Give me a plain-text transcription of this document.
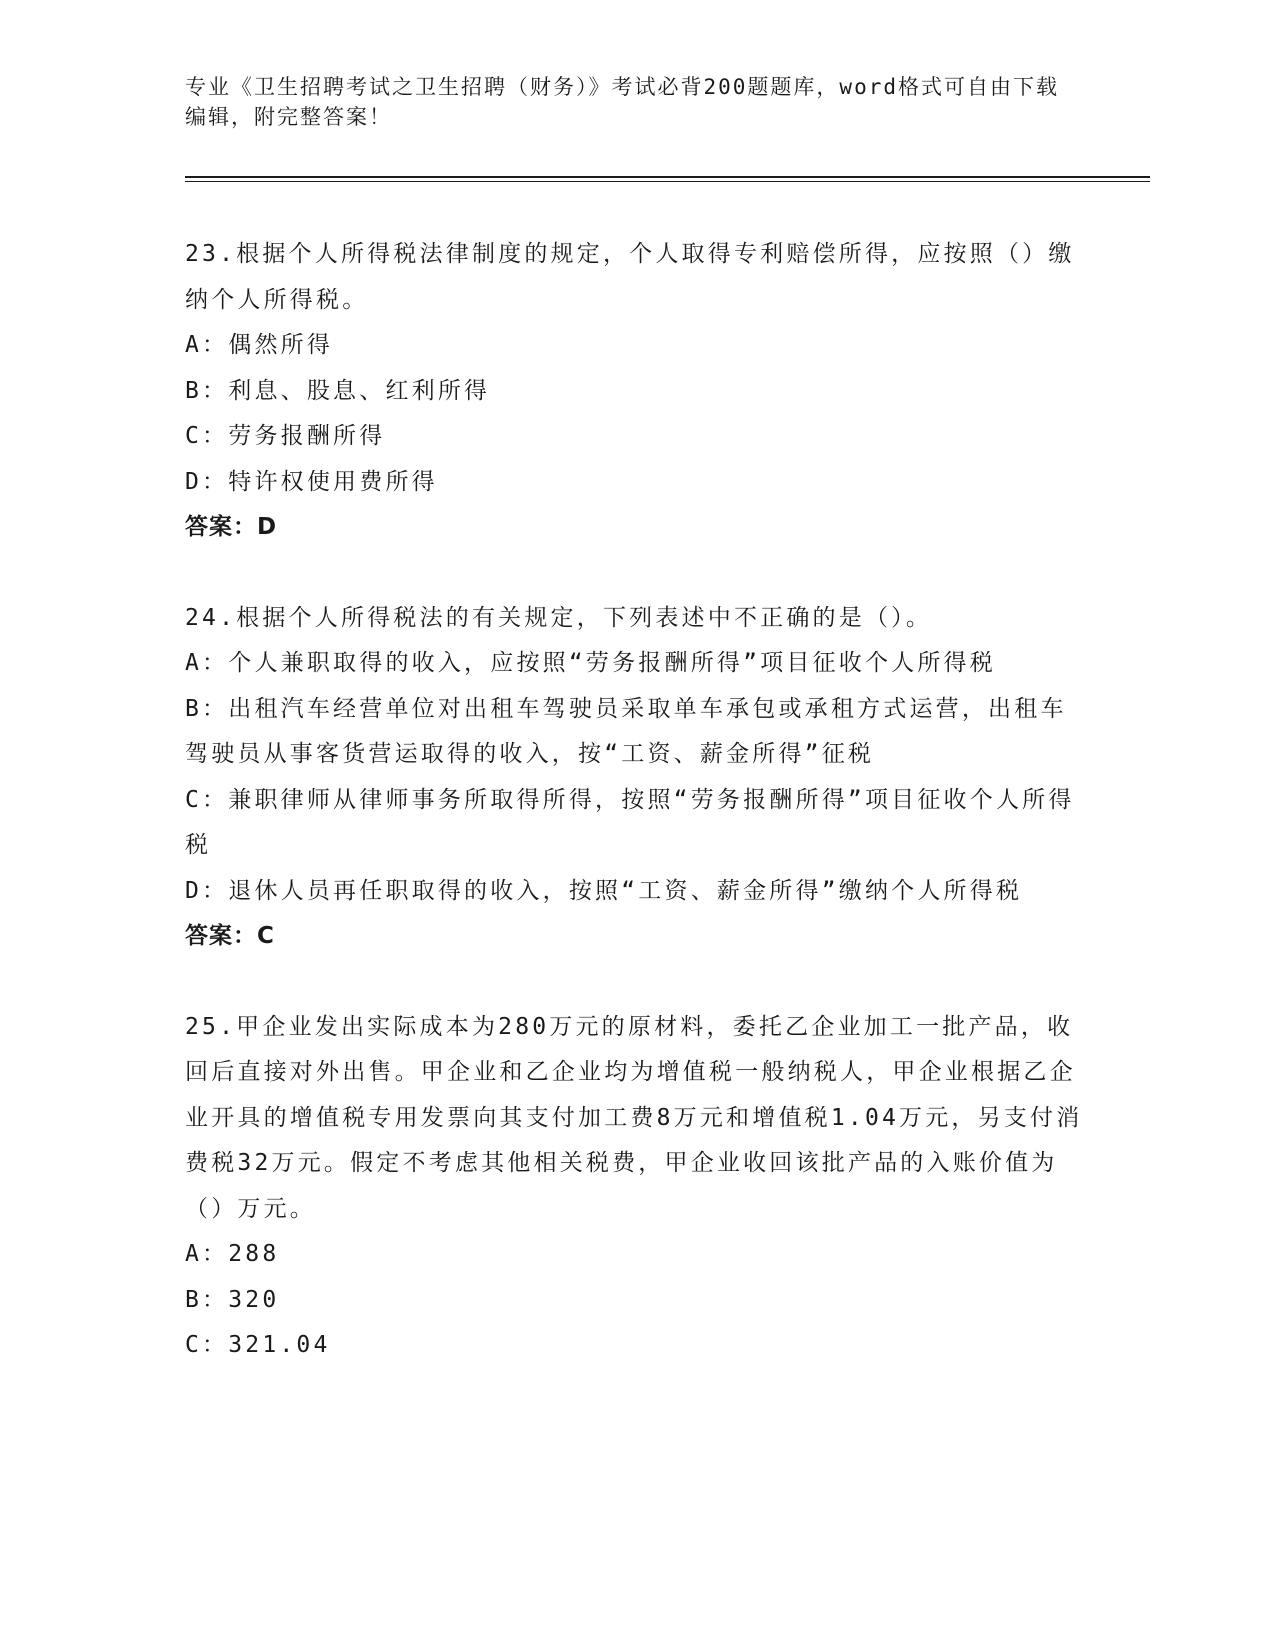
专业《卫生招聘考试之卫生招聘（财务）》考试必背200题题库，word格式可自由下载编辑，附完整答案！

23.根据个人所得税法律制度的规定，个人取得专利赔偿所得，应按照（）缴纳个人所得税。

A：偶然所得

B：利息、股息、红利所得

C：劳务报酬所得

D：特许权使用费所得

答案：D

24.根据个人所得税法的有关规定，下列表述中不正确的是（）。

A：个人兼职取得的收入，应按照“劳务报酬所得”项目征收个人所得税

B：出租汽车经营单位对出租车驾驶员采取单车承包或承租方式运营，出租车驾驶员从事客货营运取得的收入，按“工资、薪金所得”征税

C：兼职律师从律师事务所取得所得，按照“劳务报酬所得”项目征收个人所得税

D：退休人员再任职取得的收入，按照“工资、薪金所得”缴纳个人所得税

答案：C

25.甲企业发出实际成本为280万元的原材料，委托乙企业加工一批产品，收回后直接对外出售。甲企业和乙企业均为增值税一般纳税人，甲企业根据乙企业开具的增值税专用发票向其支付加工费8万元和增值税1.04万元，另支付消费税32万元。假定不考虑其他相关税费，甲企业收回该批产品的入账价值为（）万元。

A：288

B：320

C：321.04
